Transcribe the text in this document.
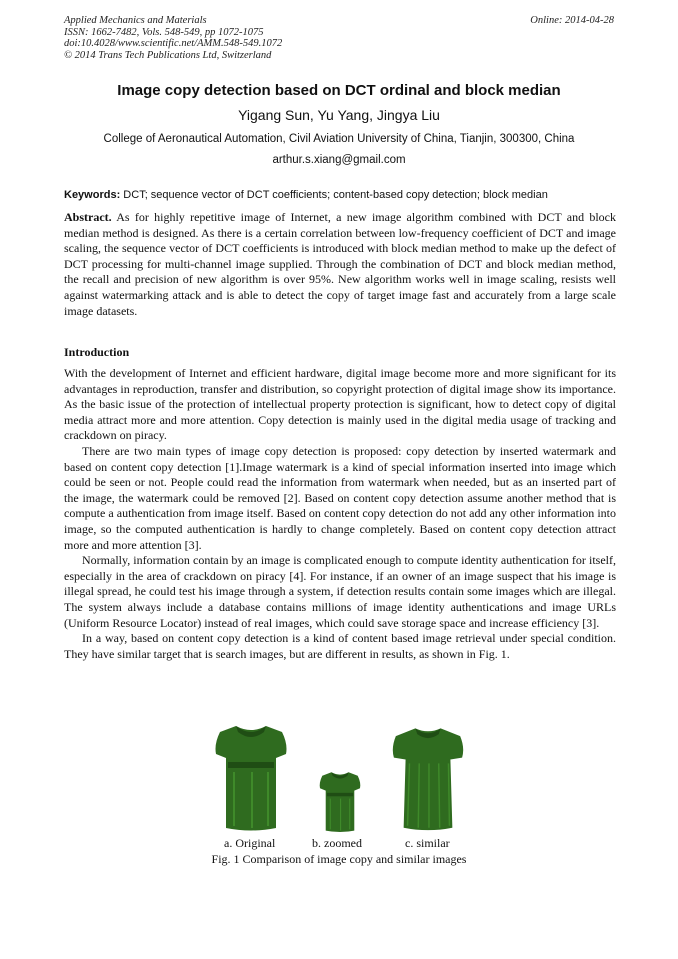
Applied Mechanics and Materials
ISSN: 1662-7482, Vols. 548-549, pp 1072-1075
doi:10.4028/www.scientific.net/AMM.548-549.1072
© 2014 Trans Tech Publications Ltd, Switzerland
Online: 2014-04-28
Image copy detection based on DCT ordinal and block median
Yigang Sun, Yu Yang, Jingya Liu
College of Aeronautical Automation, Civil Aviation University of China, Tianjin, 300300, China
arthur.s.xiang@gmail.com
Keywords: DCT; sequence vector of DCT coefficients; content-based copy detection; block median
Abstract. As for highly repetitive image of Internet, a new image algorithm combined with DCT and block median method is designed. As there is a certain correlation between low-frequency coefficient of DCT and image scaling, the sequence vector of DCT coefficients is introduced with block median method to make up the defect of DCT processing for multi-channel image supplied. Through the combination of DCT and block median method, the recall and precision of new algorithm is over 95%. New algorithm works well in image scaling, resists well against watermarking attack and is able to detect the copy of target image fast and accurately from a large scale image datasets.
Introduction

With the development of Internet and efficient hardware, digital image become more and more significant for its advantages in reproduction, transfer and distribution, so copyright protection of digital image show its importance. As the basic issue of the protection of intellectual property protection is significant, how to detect copy of digital media attract more and more attention. Copy detection is mainly used in the digital media usage of tracking and crackdown on piracy.

There are two main types of image copy detection is proposed: copy detection by inserted watermark and based on content copy detection [1].Image watermark is a kind of special information inserted into image which could be seen or not. People could read the information from watermark when needed, but as an inserted part of the image, the watermark could be removed [2]. Based on content copy detection assume another method that is compute a authentication from image itself. Based on content copy detection do not add any other information into image, so the computed authentication is hardly to change completely. Based on content copy detection attract more and more attention [3].

Normally, information contain by an image is complicated enough to compute identity authentication for itself, especially in the area of crackdown on piracy [4]. For instance, if an owner of an image suspect that his image is illegal spread, he could test his image through a system, if detection results contain some images which are illegal. The system always include a database contains millions of image identity authentications and image URLs (Uniform Resource Locator) instead of real images, which could save storage space and increase efficiency [3].

In a way, based on content copy detection is a kind of content based image retrieval under special condition. They have similar target that is search images, but are different in results, as shown in Fig. 1.

a. Original	b. zoomed	c. similar
Fig. 1 Comparison of image copy and similar images
